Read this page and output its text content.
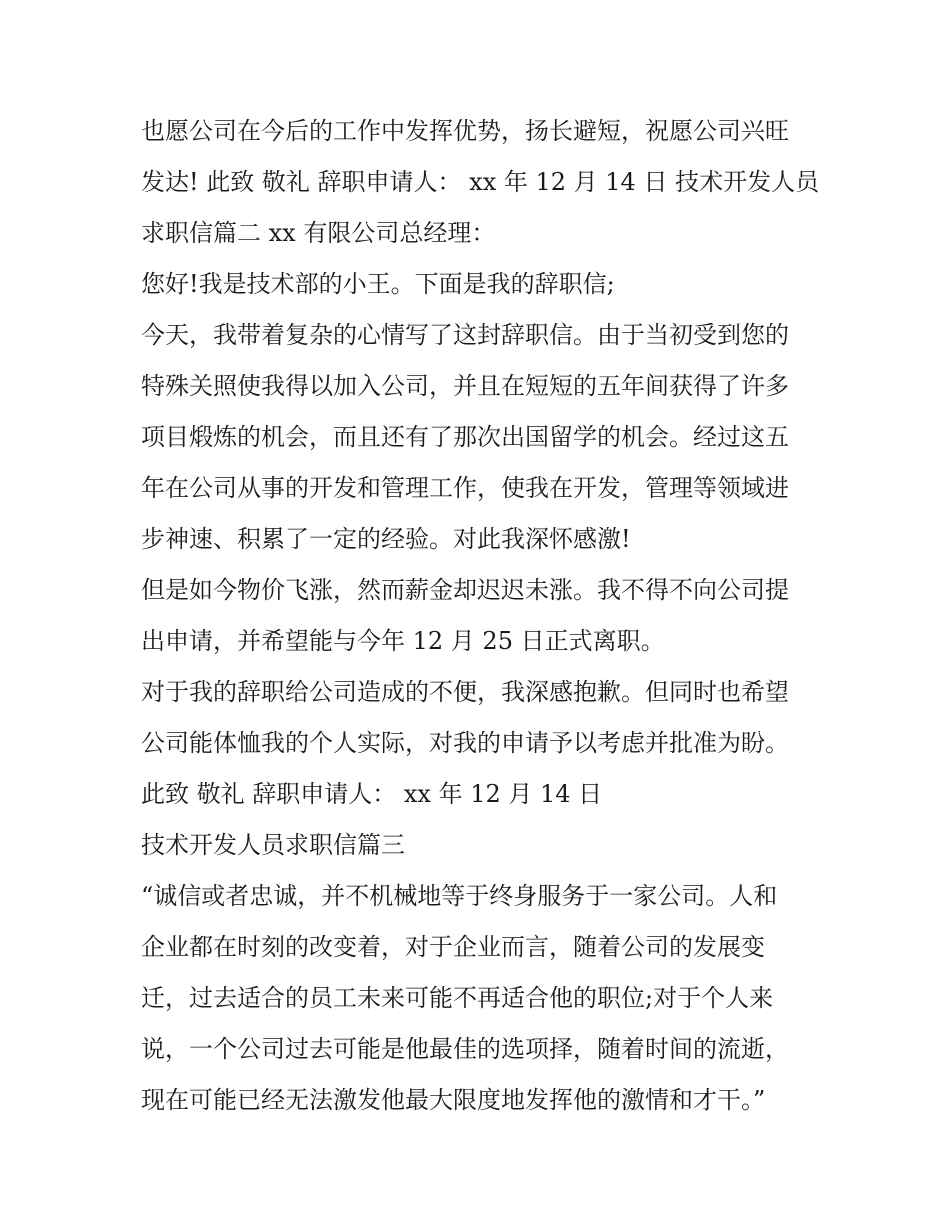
也愿公司在今后的工作中发挥优势，扬长避短，祝愿公司兴旺
发达! 此致 敬礼 辞职申请人： xx 年 12 月 14 日 技术开发人员
求职信篇二 xx 有限公司总经理：
您好!我是技术部的小王。下面是我的辞职信;
今天，我带着复杂的心情写了这封辞职信。由于当初受到您的
特殊关照使我得以加入公司，并且在短短的五年间获得了许多
项目煅炼的机会，而且还有了那次出国留学的机会。经过这五
年在公司从事的开发和管理工作，使我在开发，管理等领域进
步神速、积累了一定的经验。对此我深怀感激!
但是如今物价飞涨，然而薪金却迟迟未涨。我不得不向公司提
出申请，并希望能与今年 12 月 25 日正式离职。
对于我的辞职给公司造成的不便，我深感抱歉。但同时也希望
公司能体恤我的个人实际，对我的申请予以考虑并批准为盼。
此致 敬礼 辞职申请人： xx 年 12 月 14 日
技术开发人员求职信篇三
“诚信或者忠诚，并不机械地等于终身服务于一家公司。人和
企业都在时刻的改变着，对于企业而言，随着公司的发展变
迁，过去适合的员工未来可能不再适合他的职位;对于个人来
说，一个公司过去可能是他最佳的选项择，随着时间的流逝，
现在可能已经无法激发他最大限度地发挥他的激情和才干。”
